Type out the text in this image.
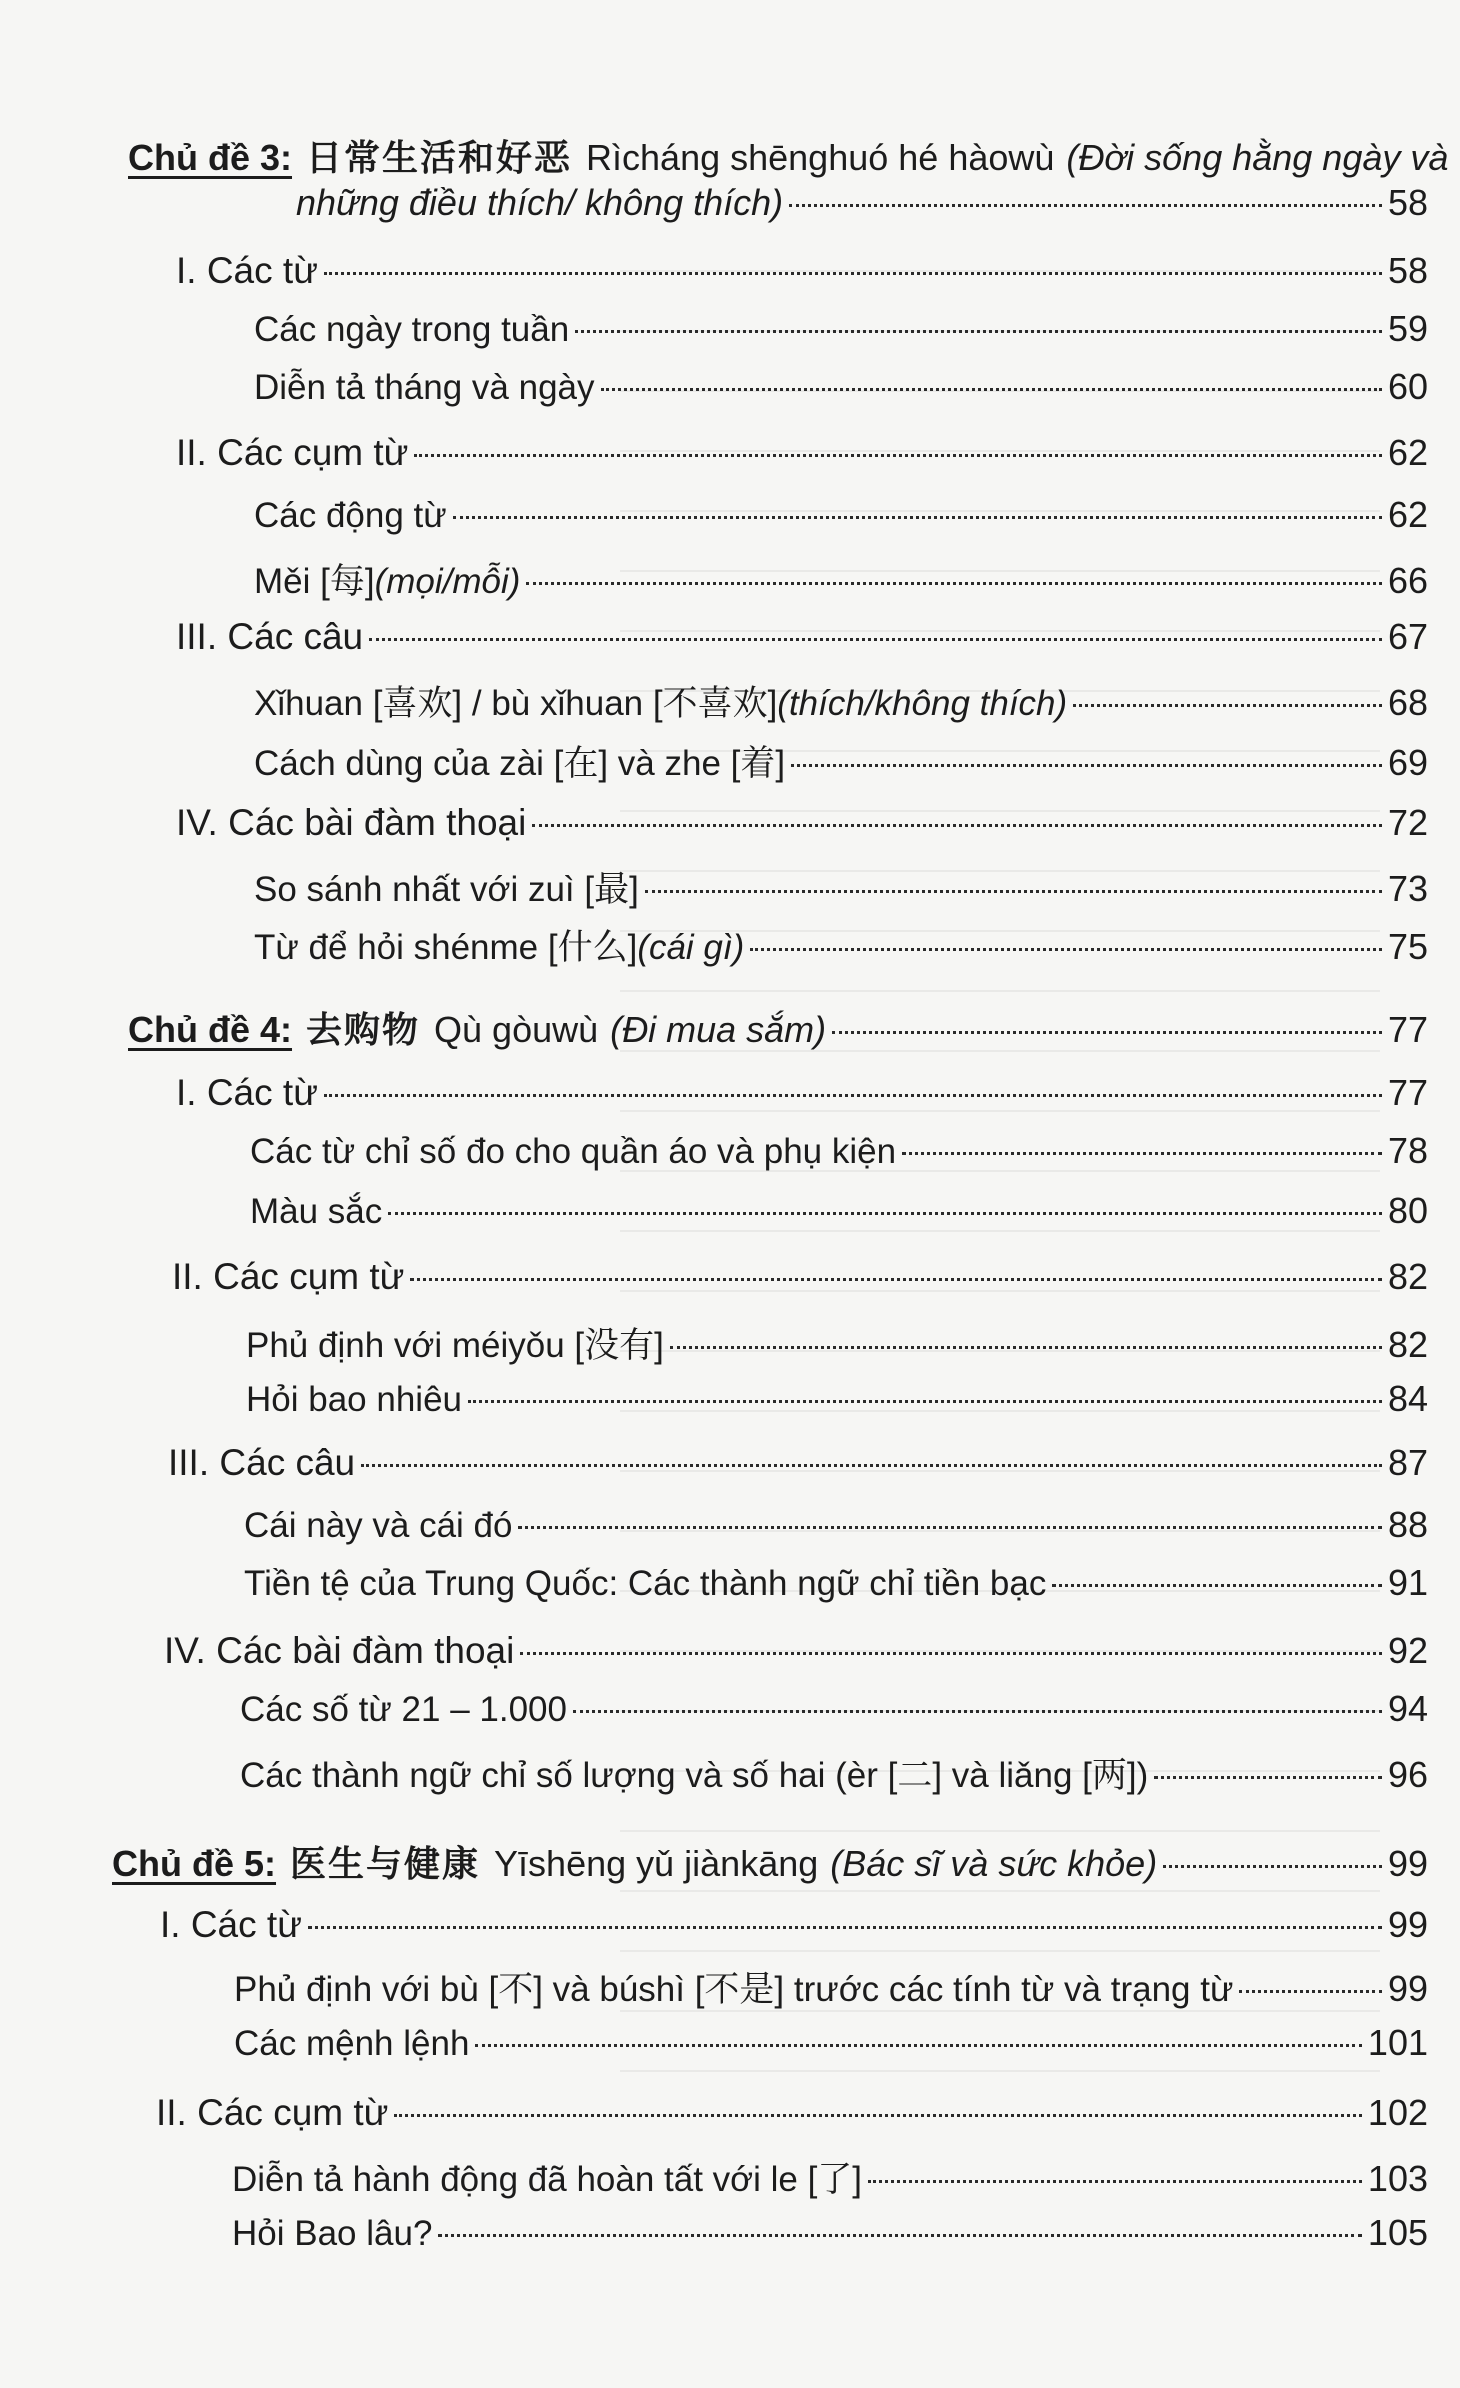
Chủ đề 3: 日常生活和好恶 Rìcháng shēnghuó hé hàowù (Đời sống hằng ngày và
những điều thích/ không thích)	58
I. Các từ	58
Các ngày trong tuần	59
Diễn tả tháng và ngày	60
II. Các cụm từ	62
Các động từ	62
Měi [每] (mọi/mỗi)	66
III. Các câu	67
Xǐhuan [喜欢] / bù xǐhuan [不喜欢] (thích/không thích)	68
Cách dùng của zài [在] và zhe [着]	69
IV. Các bài đàm thoại	72
So sánh nhất với zuì [最]	73
Từ để hỏi shénme [什么] (cái gì)	75
Chủ đề 4: 去购物 Qù gòuwù (Đi mua sắm)	77
I. Các từ	77
Các từ chỉ số đo cho quần áo và phụ kiện	78
Màu sắc	80
II. Các cụm từ	82
Phủ định với méiyǒu [没有]	82
Hỏi bao nhiêu	84
III. Các câu	87
Cái này và cái đó	88
Tiền tệ của Trung Quốc: Các thành ngữ chỉ tiền bạc	91
IV. Các bài đàm thoại	92
Các số từ 21 – 1.000	94
Các thành ngữ chỉ số lượng và số hai (èr [二] và liǎng [两])	96
Chủ đề 5: 医生与健康 Yīshēng yǔ jiànkāng (Bác sĩ và sức khỏe)	99
I. Các từ	99
Phủ định với bù [不] và búshì [不是] trước các tính từ và trạng từ	99
Các mệnh lệnh	101
II. Các cụm từ	102
Diễn tả hành động đã hoàn tất với le [了]	103
Hỏi Bao lâu?	105
